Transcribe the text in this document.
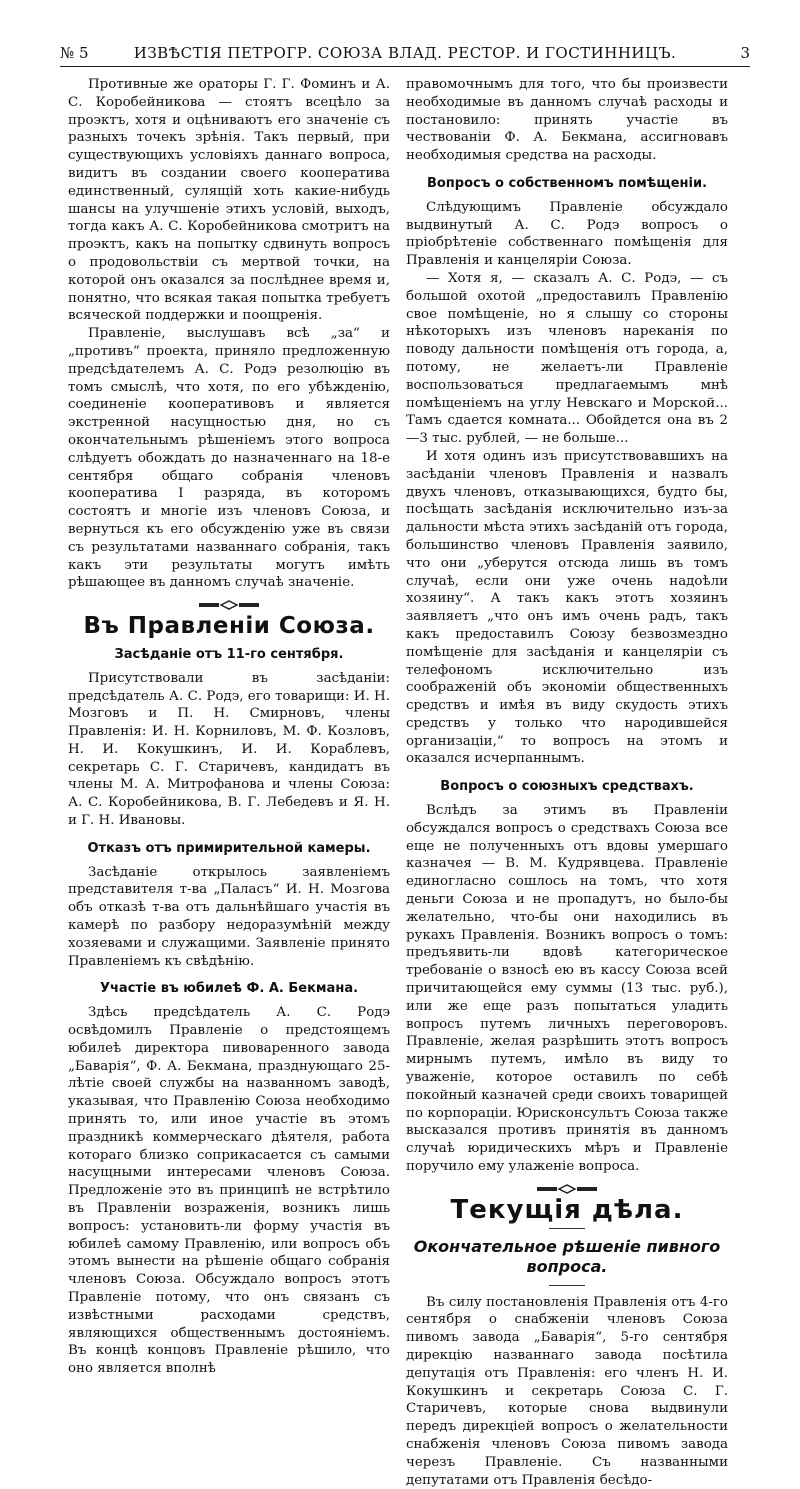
№ 5	ИЗВѢСТІЯ ПЕТРОГР. СОЮЗА ВЛАД. РЕСТОР. И ГОСТИННИЦЪ.	3

Противные же ораторы Г. Г. Фоминъ и А. С. Коробейникова — стоятъ всецѣло за проэктъ, хотя и оцѣниваютъ его значеніе съ разныхъ точекъ зрѣнія. Такъ первый, при существующихъ условіяхъ даннаго вопроса, видитъ въ создании своего кооператива единственный, сулящій хоть какие-нибудь шансы на улучшеніе этихъ условій, выходъ, тогда какъ А. С. Коробейникова смотритъ на проэктъ, какъ на попытку сдвинуть вопросъ о продовольствіи съ мертвой точки, на которой онъ оказался за послѣднее время и, понятно, что всякая такая попытка требуетъ всяческой поддержки и поощренія.

Правленіе, выслушавъ всѣ „за“ и „противъ“ проекта, приняло предложенную предсѣдателемъ А. С. Родэ резолюцію въ томъ смыслѣ, что хотя, по его убѣжденію, соединеніе кооперативовъ и является экстренной насущностью дня, но съ окончательнымъ рѣшеніемъ этого вопроса слѣдуетъ обождать до назначеннаго на 18-е сентября общаго собранія членовъ кооператива I разряда, въ которомъ состоятъ и многіе изъ членовъ Союза, и вернуться къ его обсужденію уже въ связи съ результатами названнаго собранія, такъ какъ эти результаты могутъ имѣть рѣшающее въ данномъ случаѣ значеніе.

Въ Правленіи Союза.
Засѣданіе отъ 11-го сентября.

Присутствовали въ засѣданіи: предсѣдатель А. С. Родэ, его товарищи: И. Н. Мозговъ и П. Н. Смирновъ, члены Правленія: И. Н. Корниловъ, М. Ф. Козловъ, Н. И. Кокушкинъ, И. И. Кораблевъ, секретарь С. Г. Старичевъ, кандидатъ въ члены М. А. Митрофанова и члены Союза: А. С. Коробейникова, В. Г. Лебедевъ и Я. Н. и Г. Н. Ивановы.

Отказъ отъ примирительной камеры.

Засѣданіе открылось заявленіемъ представителя т-ва „Паласъ“ И. Н. Мозгова объ отказѣ т-ва отъ дальнѣйшаго участія въ камерѣ по разбору недоразумѣній между хозяевами и служащими. Заявленіе принято Правленіемъ къ свѣдѣнію.

Участіе въ юбилеѣ Ф. А. Бекмана.

Здѣсь предсѣдатель А. С. Родэ освѣдомилъ Правленіе о предстоящемъ юбилеѣ директора пивоваренного завода „Баварія“, Ф. А. Бекмана, празднующаго 25-лѣтіе своей службы на названномъ заводѣ, указывая, что Правленію Союза необходимо принять то, или иное участіе въ этомъ праздникѣ коммерческаго дѣятеля, работа котораго близко соприкасается съ самыми насущными интересами членовъ Союза. Предложеніе это въ принципѣ не встрѣтило въ Правленіи возраженія, возникъ лишь вопросъ: установить-ли форму участія въ юбилеѣ самому Правленію, или вопросъ объ этомъ вынести на рѣшеніе общаго собранія членовъ Союза. Обсуждало вопросъ этотъ Правленіе потому, что онъ связанъ съ извѣстными расходами средствъ, являющихся общественнымъ достояніемъ. Въ концѣ концовъ Правленіе рѣшило, что оно является вполнѣ

правомочнымъ для того, что бы произвести необходимые въ данномъ случаѣ расходы и постановило: принять участіе въ чествованіи Ф. А. Бекмана, ассигновавъ необходимыя средства на расходы.

Вопросъ о собственномъ помѣщеніи.

Слѣдующимъ Правленіе обсуждало выдвинутый А. С. Родэ вопросъ о пріобрѣтеніе собственнаго помѣщенія для Правленія и канцеляріи Союза.

— Хотя я, — сказалъ А. С. Родэ, — съ большой охотой „предоставилъ Правленію свое помѣщеніе, но я слышу со стороны нѣкоторыхъ изъ членовъ нареканія по поводу дальности помѣщенія отъ города, а, потому, не желаетъ-ли Правленіе воспользоваться предлагаемымъ мнѣ помѣщеніемъ на углу Невскаго и Морской... Тамъ сдается комната... Обойдется она въ 2—3 тыс. рублей, — не больше...

И хотя одинъ изъ присутствовавшихъ на засѣданіи членовъ Правленія и назвалъ двухъ членовъ, отказывающихся, будто бы, посѣщать засѣданія исключительно изъ-за дальности мѣста этихъ засѣданій отъ города, большинство членовъ Правленія заявило, что они „уберутся отсюда лишь въ томъ случаѣ, если они уже очень надоѣли хозяину“. А такъ какъ этотъ хозяинъ заявляетъ „что онъ имъ очень радъ, такъ какъ предоставилъ Союзу безвозмездно помѣщеніе для засѣданія и канцеляріи съ телефономъ исключительно изъ соображеній объ экономіи общественныхъ средствъ и имѣя въ виду скудость этихъ средствъ у только что народившейся организаціи,“ то вопросъ на этомъ и оказался исчерпаннымъ.

Вопросъ о союзныхъ средствахъ.

Вслѣдъ за этимъ въ Правленіи обсуждался вопросъ о средствахъ Союза все еще не полученныхъ отъ вдовы умершаго казначея — В. М. Кудрявцева. Правленіе единогласно сошлось на томъ, что хотя деньги Союза и не пропадутъ, но было-бы желательно, что-бы они находились въ рукахъ Правленія. Возникъ вопросъ о томъ: предъявить-ли вдовѣ категорическое требованіе о взносѣ ею въ кассу Союза всей причитающейся ему суммы (13 тыс. руб.), или же еще разъ попытаться уладить вопросъ путемъ личныхъ переговоровъ. Правленіе, желая разрѣшить этотъ вопросъ мирнымъ путемъ, имѣло въ виду то уваженіе, которое оставилъ по себѣ покойный казначей среди своихъ товарищей по корпораціи. Юрисконсультъ Союза также высказался противъ принятія въ данномъ случаѣ юридическихъ мѣръ и Правленіе поручило ему улаженіе вопроса.

Текущія дѣла.
Окончательное рѣшеніе пивного вопроса.

Въ силу постановленія Правленія отъ 4-го сентября о снабженіи членовъ Союза пивомъ завода „Баварія“, 5-го сентября дирекцію названнаго завода посѣтила депутація отъ Правленія: его членъ Н. И. Кокушкинъ и секретарь Союза С. Г. Старичевъ, которые снова выдвинули передъ дирекціей вопросъ о желательности снабженія членовъ Союза пивомъ завода черезъ Правленіе. Съ названными депутатами отъ Правленія бесѣдо-
